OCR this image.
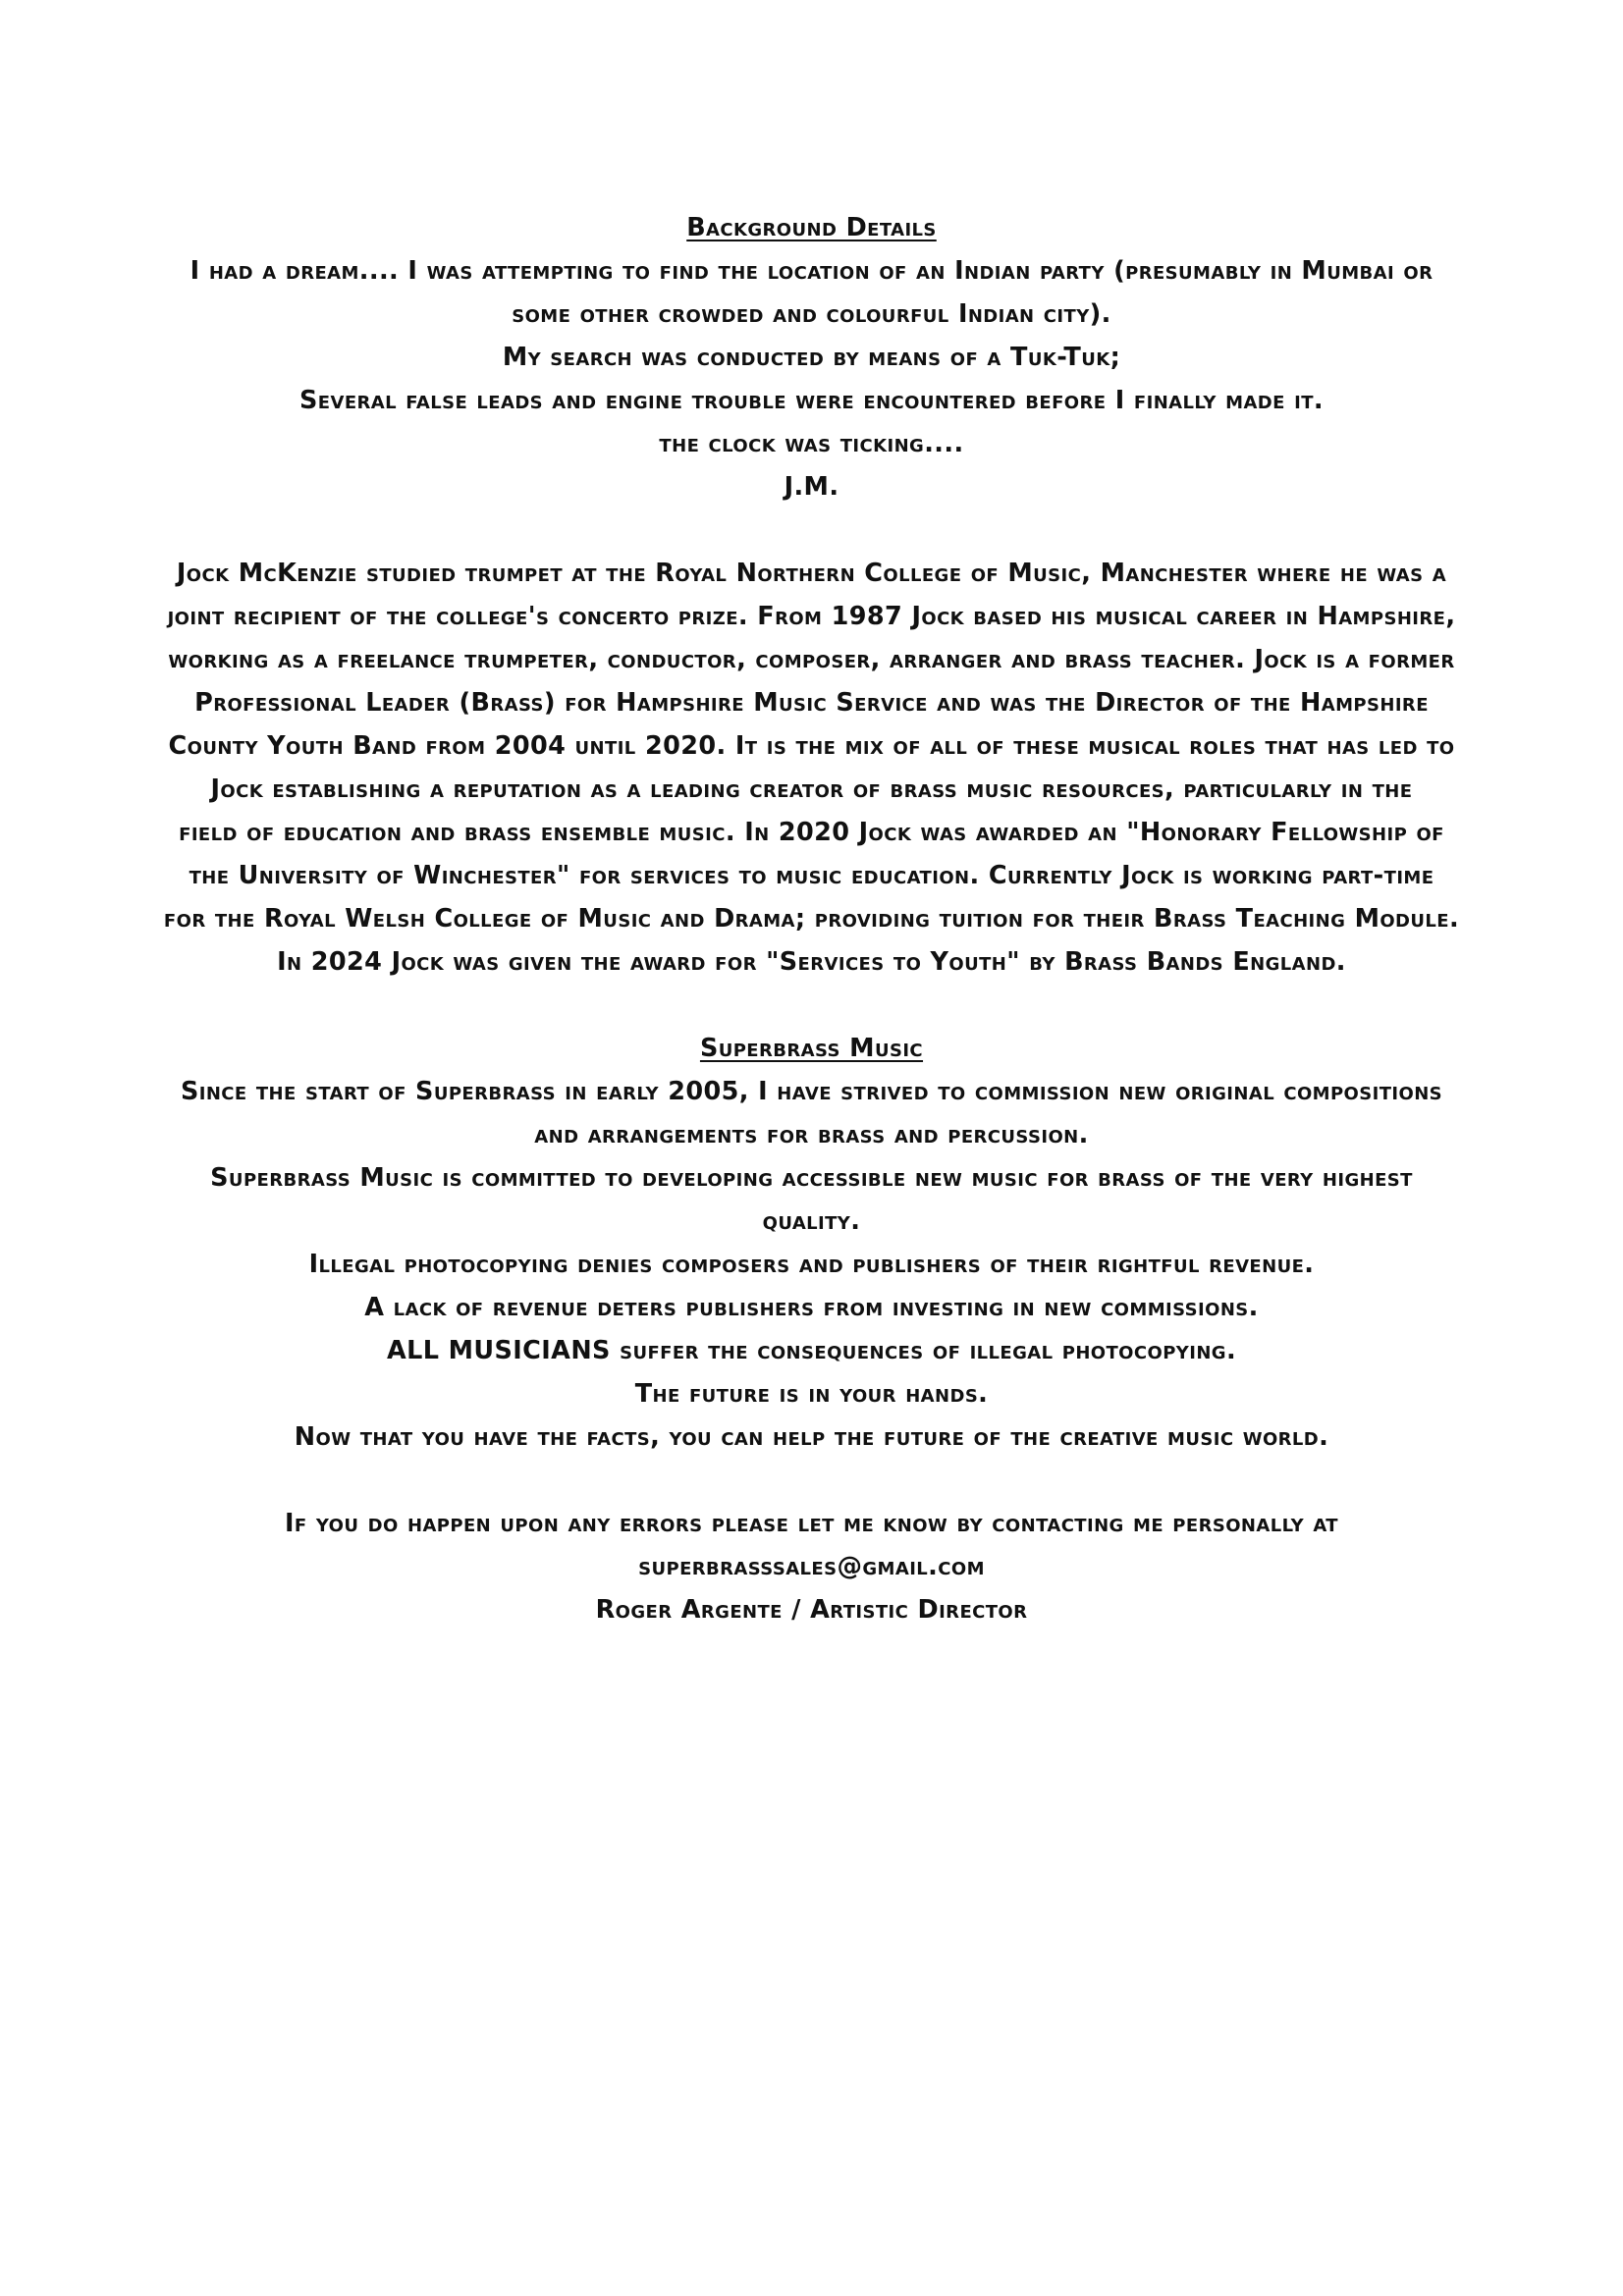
Background Details
I had a dream.... I was attempting to find the location of an Indian party (presumably in Mumbai or
some other crowded and colourful Indian city).
My search was conducted by means of a Tuk-Tuk;
Several false leads and engine trouble were encountered before I finally made it.
the clock was ticking....
J.M.
Jock McKenzie studied trumpet at the Royal Northern College of Music, Manchester where he was a
joint recipient of the college's concerto prize. From 1987 Jock based his musical career in Hampshire,
working as a freelance trumpeter, conductor, composer, arranger and brass teacher. Jock is a former
Professional Leader (Brass) for Hampshire Music Service and was the Director of the Hampshire
County Youth Band from 2004 until 2020. It is the mix of all of these musical roles that has led to
Jock establishing a reputation as a leading creator of brass music resources, particularly in the
field of education and brass ensemble music. In 2020 Jock was awarded an "Honorary Fellowship of
the University of Winchester" for services to music education. Currently Jock is working part-time
for the Royal Welsh College of Music and Drama; providing tuition for their Brass Teaching Module.
In 2024 Jock was given the award for "Services to Youth" by Brass Bands England.
Superbrass Music
Since the start of Superbrass in early 2005, I have strived to commission new original compositions
and arrangements for brass and percussion.
Superbrass Music is committed to developing accessible new music for brass of the very highest
quality.
Illegal photocopying denies composers and publishers of their rightful revenue.
A lack of revenue deters publishers from investing in new commissions.
ALL MUSICIANS suffer the consequences of illegal photocopying.
The future is in your hands.
Now that you have the facts, you can help the future of the creative music world.
If you do happen upon any errors please let me know by contacting me personally at
superbrasssales@gmail.com
Roger Argente / Artistic Director
